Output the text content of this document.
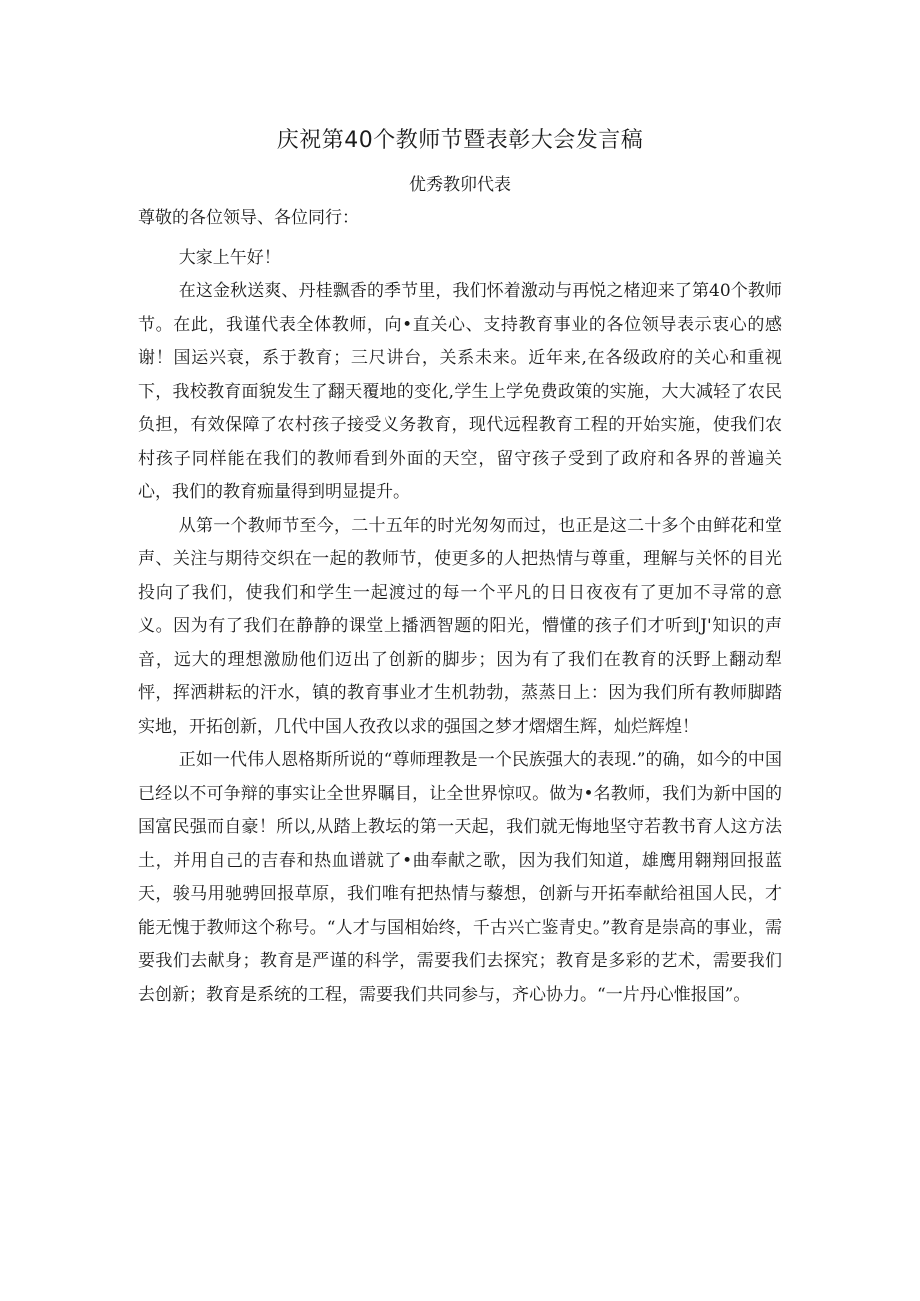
庆祝第40个教师节暨表彰大会发言稿
优秀教卯代表
尊敬的各位领导、各位同行：

大家上午好！

在这金秋送爽、丹桂飘香的季节里，我们怀着激动与再悦之楮迎来了第40个教师节。在此，我谨代表全体教师，向•直关心、支持教育事业的各位领导表示衷心的感谢！国运兴衰，系于教育；三尺讲台，关系未来。近年来,在各级政府的关心和重视下，我校教育面貌发生了翻天覆地的变化,学生上学免费政策的实施，大大减轻了农民负担，有效保障了农村孩子接受义务教育，现代远程教育工程的开始实施，使我们农村孩子同样能在我们的教师看到外面的天空，留守孩子受到了政府和各界的普遍关心，我们的教育痂量得到明显提升。

从第一个教师节至今，二十五年的时光匆匆而过，也正是这二十多个由鲜花和堂声、关注与期待交织在一起的教师节，使更多的人把热情与尊重，理解与关怀的目光投向了我们，使我们和学生一起渡过的每一个平凡的日日夜夜有了更加不寻常的意义。因为有了我们在静静的课堂上播洒智题的阳光，懵懂的孩子们才听到J'知识的声音，远大的理想激励他们迈出了创新的脚步；因为有了我们在教育的沃野上翻动犁怦，挥洒耕耘的汗水，镇的教育事业才生机勃勃，蒸蒸日上：因为我们所有教师脚踏实地，开拓创新，几代中国人孜孜以求的强国之梦才熠熠生辉，灿烂辉煌！

正如一代伟人恩格斯所说的“尊师理教是一个民族强大的表现.”的确，如今的中国已经以不可争辩的事实让全世界瞩目，让全世界惊叹。做为•名教师，我们为新中国的国富民强而自豪！所以,从踏上教坛的第一天起，我们就无悔地坚守若教书育人这方法土，并用自己的吉春和热血谱就了•曲奉献之歌，因为我们知道，雄鹰用翱翔回报蓝天，骏马用驰骋回报草原，我们唯有把热情与藜想，创新与开拓奉献给祖国人民，才能无愧于教师这个称号。“人才与国相始终，千古兴亡鉴青史。”教育是崇高的事业，需要我们去献身；教育是严谨的科学，需要我们去探究；教育是多彩的艺术，需要我们去创新；教育是系统的工程，需要我们共同参与，齐心协力。“一片丹心惟报国”。
